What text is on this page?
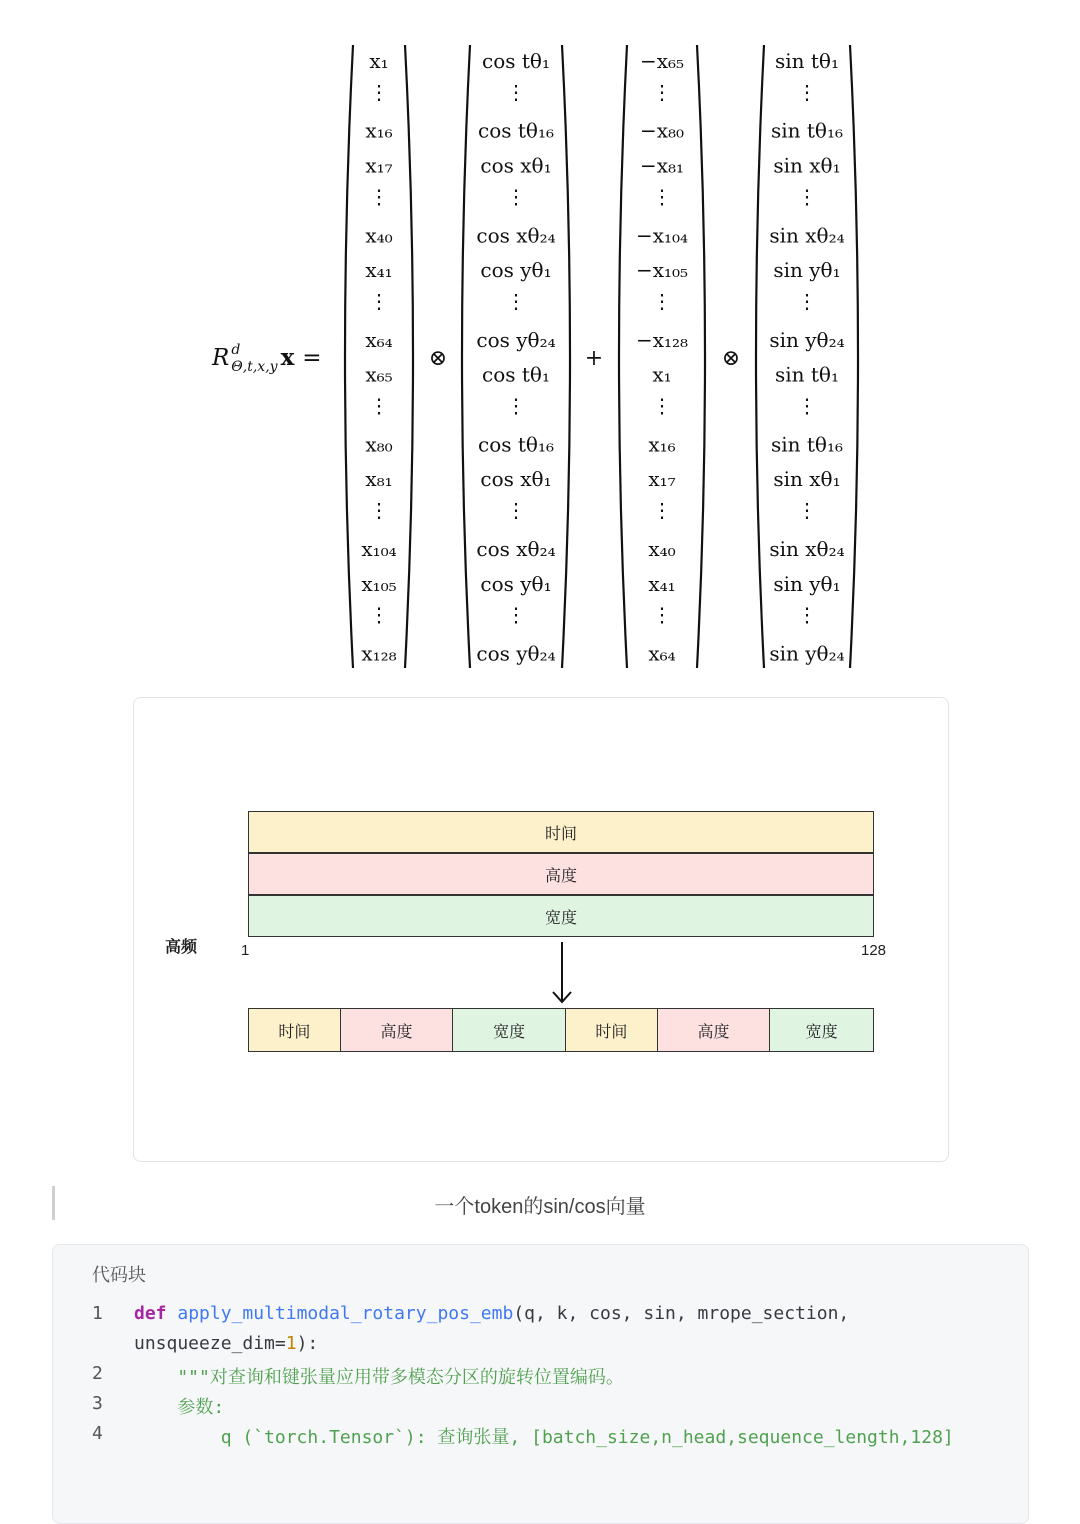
R $^d$ Θ,t,x,y x =
x₁
⋮
x₁₆
x₁₇
⋮
x₄₀
x₄₁
⋮
x₆₄
x₆₅
⋮
x₈₀
x₈₁
⋮
x₁₀₄
x₁₀₅
⋮
x₁₂₈
cos tθ₁
⋮
cos tθ₁₆
cos xθ₁
⋮
cos xθ₂₄
cos yθ₁
⋮
cos yθ₂₄
cos tθ₁
⋮
cos tθ₁₆
cos xθ₁
⋮
cos xθ₂₄
cos yθ₁
⋮
cos yθ₂₄
−x₆₅
⋮
−x₈₀
−x₈₁
⋮
−x₁₀₄
−x₁₀₅
⋮
−x₁₂₈
x₁
⋮
x₁₆
x₁₇
⋮
x₄₀
x₄₁
⋮
x₆₄
sin tθ₁
⋮
sin tθ₁₆
sin xθ₁
⋮
sin xθ₂₄
sin yθ₁
⋮
sin yθ₂₄
sin tθ₁
⋮
sin tθ₁₆
sin xθ₁
⋮
sin xθ₂₄
sin yθ₁
⋮
sin yθ₂₄
⊗	+	⊗
时间
高度
宽度
高频	1	128
时间	高度	宽度	时间	高度	宽度
一个token的sin/cos向量
代码块
1 def apply_multimodal_rotary_pos_emb(q, k, cos, sin, mrope_section,
unsqueeze_dim=1):
2 """对查询和键张量应用带多模态分区的旋转位置编码。
3 参数:
4 q (`torch.Tensor`): 查询张量, [batch_size,n_head,sequence_length,128]
